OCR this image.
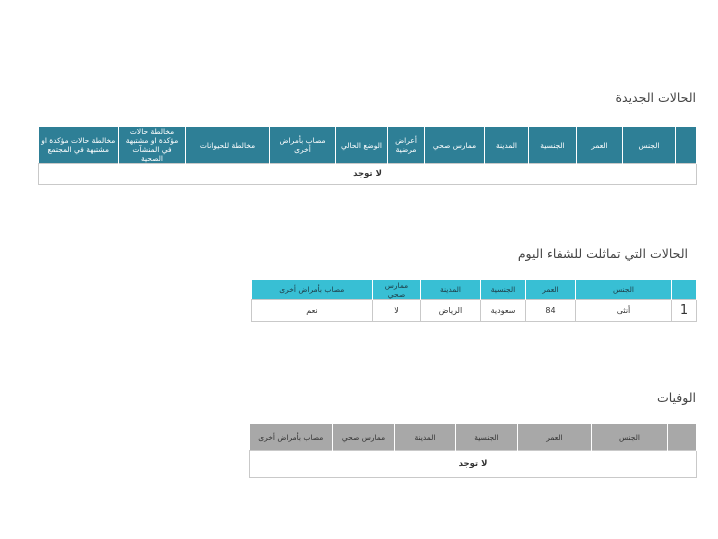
الحالات الجديدة
	الجنس	العمر	الجنسية	المدينة	ممارس صحي	أعراض مرضية	الوضع الحالي	مصاب بأمراض أخرى	مخالطة للحيوانات	مخالطة حالات مؤكدة او مشتبهة في المنشآت الصحية	مخالطة حالات مؤكدة او مشتبهة في المجتمع
لا توجد
الحالات التي تماثلت للشفاء اليوم
	الجنس	العمر	الجنسية	المدينة	ممارس صحي	مصاب بأمراض أخرى
1	أنثى	84	سعودية	الرياض	لا	نعم
الوفيات
	الجنس	العمر	الجنسية	المدينة	ممارس صحي	مصاب بأمراض أخرى
لا توجد
